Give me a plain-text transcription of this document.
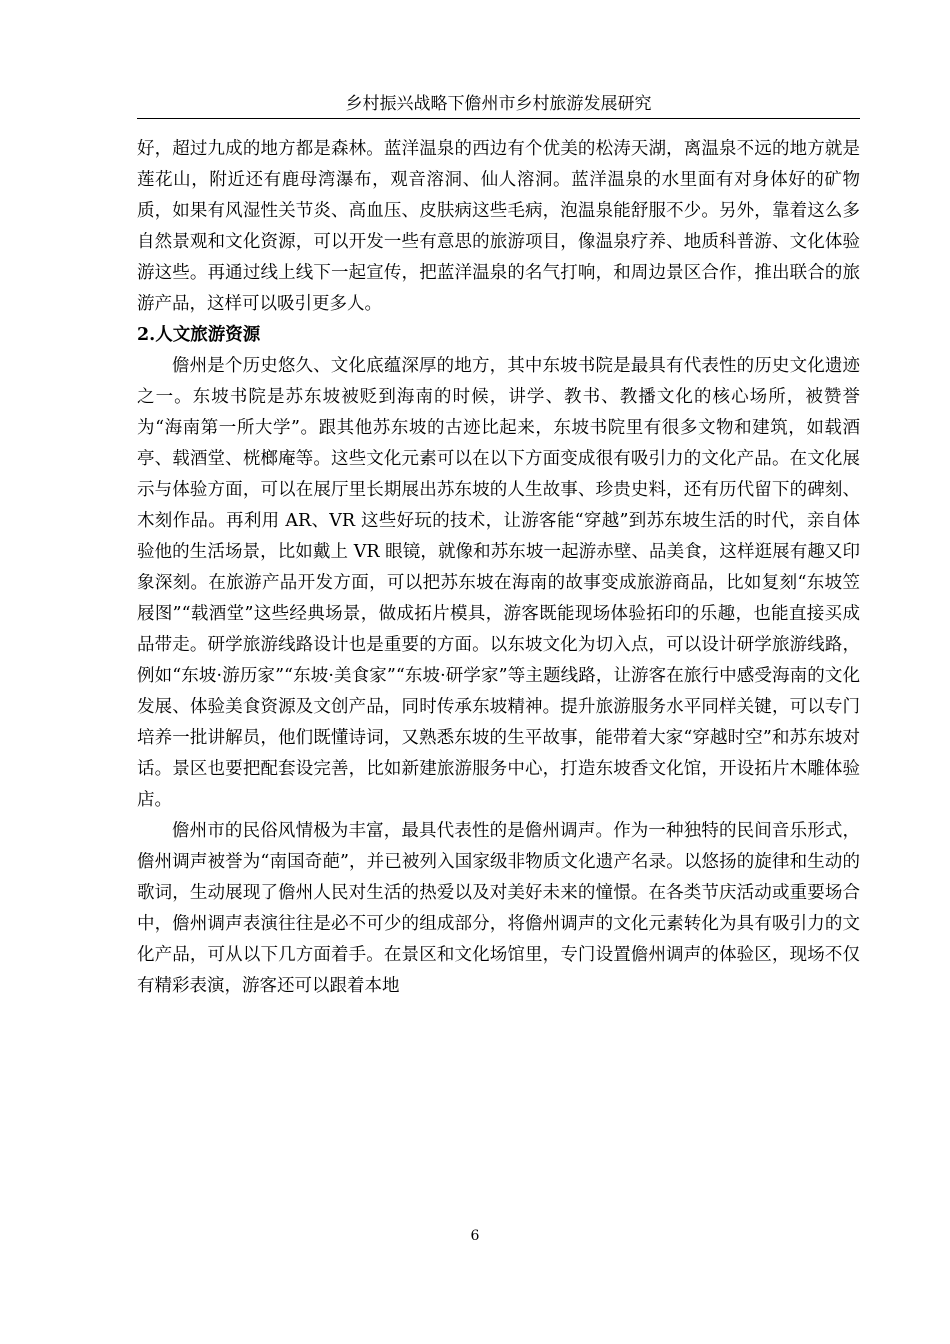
乡村振兴战略下儋州市乡村旅游发展研究

好，超过九成的地方都是森林。蓝洋温泉的西边有个优美的松涛天湖，离温泉不远的地方就是莲花山，附近还有鹿母湾瀑布，观音溶洞、仙人溶洞。蓝洋温泉的水里面有对身体好的矿物质，如果有风湿性关节炎、高血压、皮肤病这些毛病，泡温泉能舒服不少。另外，靠着这么多自然景观和文化资源，可以开发一些有意思的旅游项目，像温泉疗养、地质科普游、文化体验游这些。再通过线上线下一起宣传，把蓝洋温泉的名气打响，和周边景区合作，推出联合的旅游产品，这样可以吸引更多人。

2.人文旅游资源

儋州是个历史悠久、文化底蕴深厚的地方，其中东坡书院是最具有代表性的历史文化遗迹之一。东坡书院是苏东坡被贬到海南的时候，讲学、教书、教播文化的核心场所，被赞誉为“海南第一所大学”。跟其他苏东坡的古迹比起来，东坡书院里有很多文物和建筑，如载酒亭、载酒堂、桄榔庵等。这些文化元素可以在以下方面变成很有吸引力的文化产品。在文化展示与体验方面，可以在展厅里长期展出苏东坡的人生故事、珍贵史料，还有历代留下的碑刻、木刻作品。再利用 AR、VR 这些好玩的技术，让游客能“穿越”到苏东坡生活的时代，亲自体验他的生活场景，比如戴上 VR 眼镜，就像和苏东坡一起游赤壁、品美食，这样逛展有趣又印象深刻。在旅游产品开发方面，可以把苏东坡在海南的故事变成旅游商品，比如复刻“东坡笠屐图”“载酒堂”这些经典场景，做成拓片模具，游客既能现场体验拓印的乐趣，也能直接买成品带走。研学旅游线路设计也是重要的方面。以东坡文化为切入点，可以设计研学旅游线路，例如“东坡·游历家”“东坡·美食家”“东坡·研学家”等主题线路，让游客在旅行中感受海南的文化发展、体验美食资源及文创产品，同时传承东坡精神。提升旅游服务水平同样关键，可以专门培养一批讲解员，他们既懂诗词，又熟悉东坡的生平故事，能带着大家“穿越时空”和苏东坡对话。景区也要把配套设完善，比如新建旅游服务中心，打造东坡香文化馆，开设拓片木雕体验店。

儋州市的民俗风情极为丰富，最具代表性的是儋州调声。作为一种独特的民间音乐形式，儋州调声被誉为“南国奇葩”，并已被列入国家级非物质文化遗产名录。以悠扬的旋律和生动的歌词，生动展现了儋州人民对生活的热爱以及对美好未来的憧憬。在各类节庆活动或重要场合中，儋州调声表演往往是必不可少的组成部分，将儋州调声的文化元素转化为具有吸引力的文化产品，可从以下几方面着手。在景区和文化场馆里，专门设置儋州调声的体验区，现场不仅有精彩表演，游客还可以跟着本地

6
